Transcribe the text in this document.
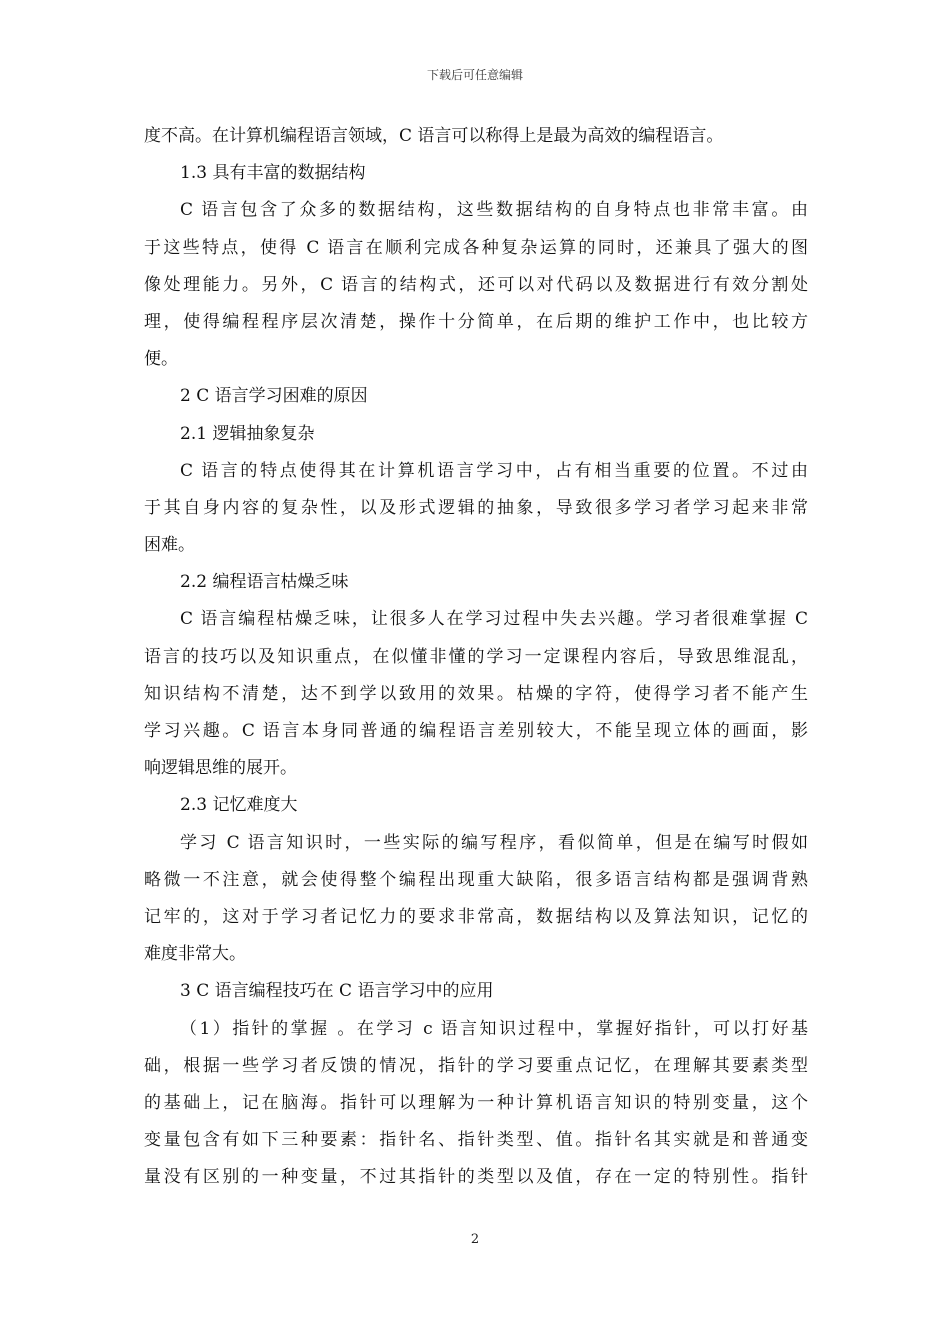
下载后可任意编辑
度不高。在计算机编程语言领域，C 语言可以称得上是最为高效的编程语言。
1.3 具有丰富的数据结构
C 语言包含了众多的数据结构，这些数据结构的自身特点也非常丰富。由
于这些特点，使得 C 语言在顺利完成各种复杂运算的同时，还兼具了强大的图
像处理能力。另外，C 语言的结构式，还可以对代码以及数据进行有效分割处
理，使得编程程序层次清楚，操作十分简单，在后期的维护工作中，也比较方
便。
2 C 语言学习困难的原因
2.1 逻辑抽象复杂
C 语言的特点使得其在计算机语言学习中，占有相当重要的位置。不过由
于其自身内容的复杂性，以及形式逻辑的抽象，导致很多学习者学习起来非常
困难。
2.2 编程语言枯燥乏味
C 语言编程枯燥乏味，让很多人在学习过程中失去兴趣。学习者很难掌握 C
语言的技巧以及知识重点，在似懂非懂的学习一定课程内容后，导致思维混乱，
知识结构不清楚，达不到学以致用的效果。枯燥的字符，使得学习者不能产生
学习兴趣。C 语言本身同普通的编程语言差别较大，不能呈现立体的画面，影
响逻辑思维的展开。
2.3 记忆难度大
学习 C 语言知识时，一些实际的编写程序，看似简单，但是在编写时假如
略微一不注意，就会使得整个编程出现重大缺陷，很多语言结构都是强调背熟
记牢的，这对于学习者记忆力的要求非常高，数据结构以及算法知识，记忆的
难度非常大。
3 C 语言编程技巧在 C 语言学习中的应用
（1）指针的掌握 。在学习 c 语言知识过程中，掌握好指针，可以打好基
础，根据一些学习者反馈的情况，指针的学习要重点记忆，在理解其要素类型
的基础上，记在脑海。指针可以理解为一种计算机语言知识的特别变量，这个
变量包含有如下三种要素：指针名、指针类型、值。指针名其实就是和普通变
量没有区别的一种变量，不过其指针的类型以及值，存在一定的特别性。指针
2
